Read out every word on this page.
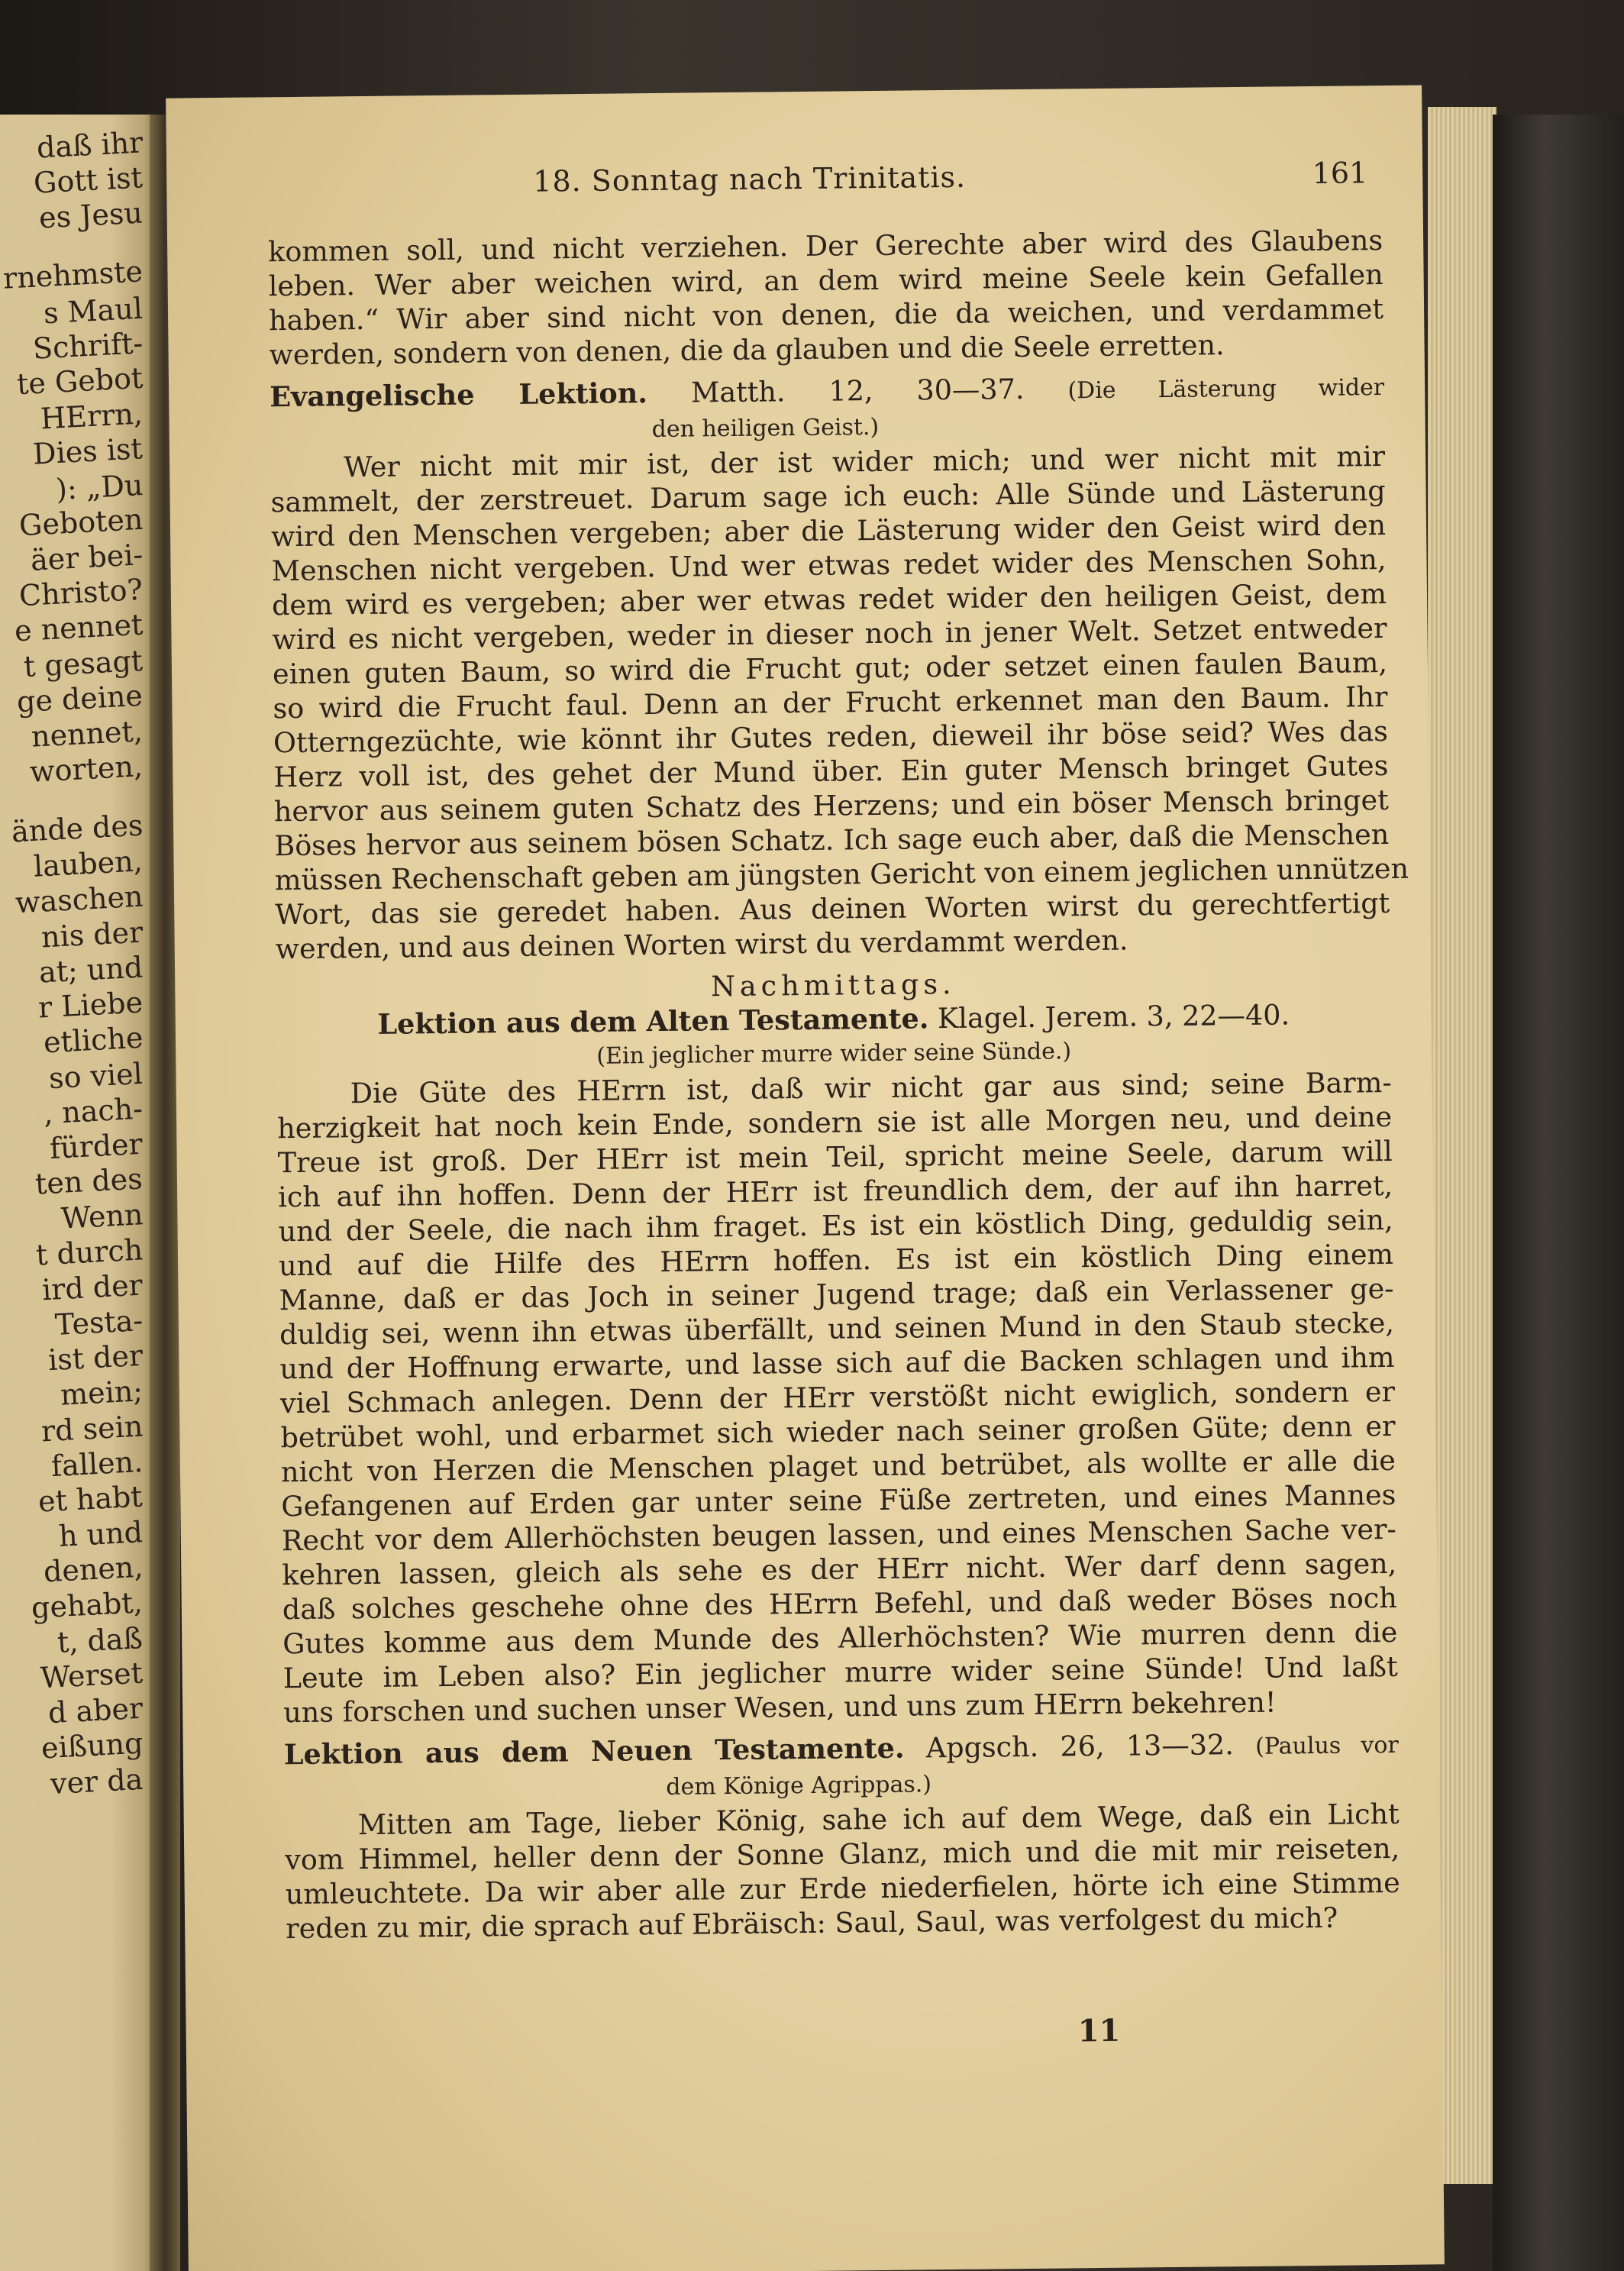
daß ihr
Gott ist
es Jesu
rnehmste
s Maul
Schrift-
te Gebot
HErrn,
Dies ist
): „Du
Geboten
äer bei-
Christo?
e nennet
t gesagt
ge deine
nennet,
worten,
ände des
lauben,
waschen
nis der
at; und
r Liebe
etliche
so viel
, nach-
fürder
ten des
Wenn
t durch
ird der
Testa-
ist der
mein;
rd sein
fallen.
et habt
h und
denen,
gehabt,
t, daß
Werset
d aber
eißung
ver da
18. Sonntag nach Trinitatis.	161
kommen soll, und nicht verziehen. Der Gerechte aber wird des Glaubens
leben. Wer aber weichen wird, an dem wird meine Seele kein Gefallen
haben.“ Wir aber sind nicht von denen, die da weichen, und verdammet
werden, sondern von denen, die da glauben und die Seele erretten.
Evangelische Lektion. Matth. 12, 30—37. (Die Lästerung wider
den heiligen Geist.)
Wer nicht mit mir ist, der ist wider mich; und wer nicht mit mir
sammelt, der zerstreuet. Darum sage ich euch: Alle Sünde und Lästerung
wird den Menschen vergeben; aber die Lästerung wider den Geist wird den
Menschen nicht vergeben. Und wer etwas redet wider des Menschen Sohn,
dem wird es vergeben; aber wer etwas redet wider den heiligen Geist, dem
wird es nicht vergeben, weder in dieser noch in jener Welt. Setzet entweder
einen guten Baum, so wird die Frucht gut; oder setzet einen faulen Baum,
so wird die Frucht faul. Denn an der Frucht erkennet man den Baum. Ihr
Otterngezüchte, wie könnt ihr Gutes reden, dieweil ihr böse seid? Wes das
Herz voll ist, des gehet der Mund über. Ein guter Mensch bringet Gutes
hervor aus seinem guten Schatz des Herzens; und ein böser Mensch bringet
Böses hervor aus seinem bösen Schatz. Ich sage euch aber, daß die Menschen
müssen Rechenschaft geben am jüngsten Gericht von einem jeglichen unnützen
Wort, das sie geredet haben. Aus deinen Worten wirst du gerechtfertigt
werden, und aus deinen Worten wirst du verdammt werden.
Nachmittags.
Lektion aus dem Alten Testamente. Klagel. Jerem. 3, 22—40.
(Ein jeglicher murre wider seine Sünde.)
Die Güte des HErrn ist, daß wir nicht gar aus sind; seine Barm-
herzigkeit hat noch kein Ende, sondern sie ist alle Morgen neu, und deine
Treue ist groß. Der HErr ist mein Teil, spricht meine Seele, darum will
ich auf ihn hoffen. Denn der HErr ist freundlich dem, der auf ihn harret,
und der Seele, die nach ihm fraget. Es ist ein köstlich Ding, geduldig sein,
und auf die Hilfe des HErrn hoffen. Es ist ein köstlich Ding einem
Manne, daß er das Joch in seiner Jugend trage; daß ein Verlassener ge-
duldig sei, wenn ihn etwas überfällt, und seinen Mund in den Staub stecke,
und der Hoffnung erwarte, und lasse sich auf die Backen schlagen und ihm
viel Schmach anlegen. Denn der HErr verstößt nicht ewiglich, sondern er
betrübet wohl, und erbarmet sich wieder nach seiner großen Güte; denn er
nicht von Herzen die Menschen plaget und betrübet, als wollte er alle die
Gefangenen auf Erden gar unter seine Füße zertreten, und eines Mannes
Recht vor dem Allerhöchsten beugen lassen, und eines Menschen Sache ver-
kehren lassen, gleich als sehe es der HErr nicht. Wer darf denn sagen,
daß solches geschehe ohne des HErrn Befehl, und daß weder Böses noch
Gutes komme aus dem Munde des Allerhöchsten? Wie murren denn die
Leute im Leben also? Ein jeglicher murre wider seine Sünde! Und laßt
uns forschen und suchen unser Wesen, und uns zum HErrn bekehren!
Lektion aus dem Neuen Testamente. Apgsch. 26, 13—32. (Paulus vor
dem Könige Agrippas.)
Mitten am Tage, lieber König, sahe ich auf dem Wege, daß ein Licht
vom Himmel, heller denn der Sonne Glanz, mich und die mit mir reiseten,
umleuchtete. Da wir aber alle zur Erde niederfielen, hörte ich eine Stimme
reden zu mir, die sprach auf Ebräisch: Saul, Saul, was verfolgest du mich?
11
